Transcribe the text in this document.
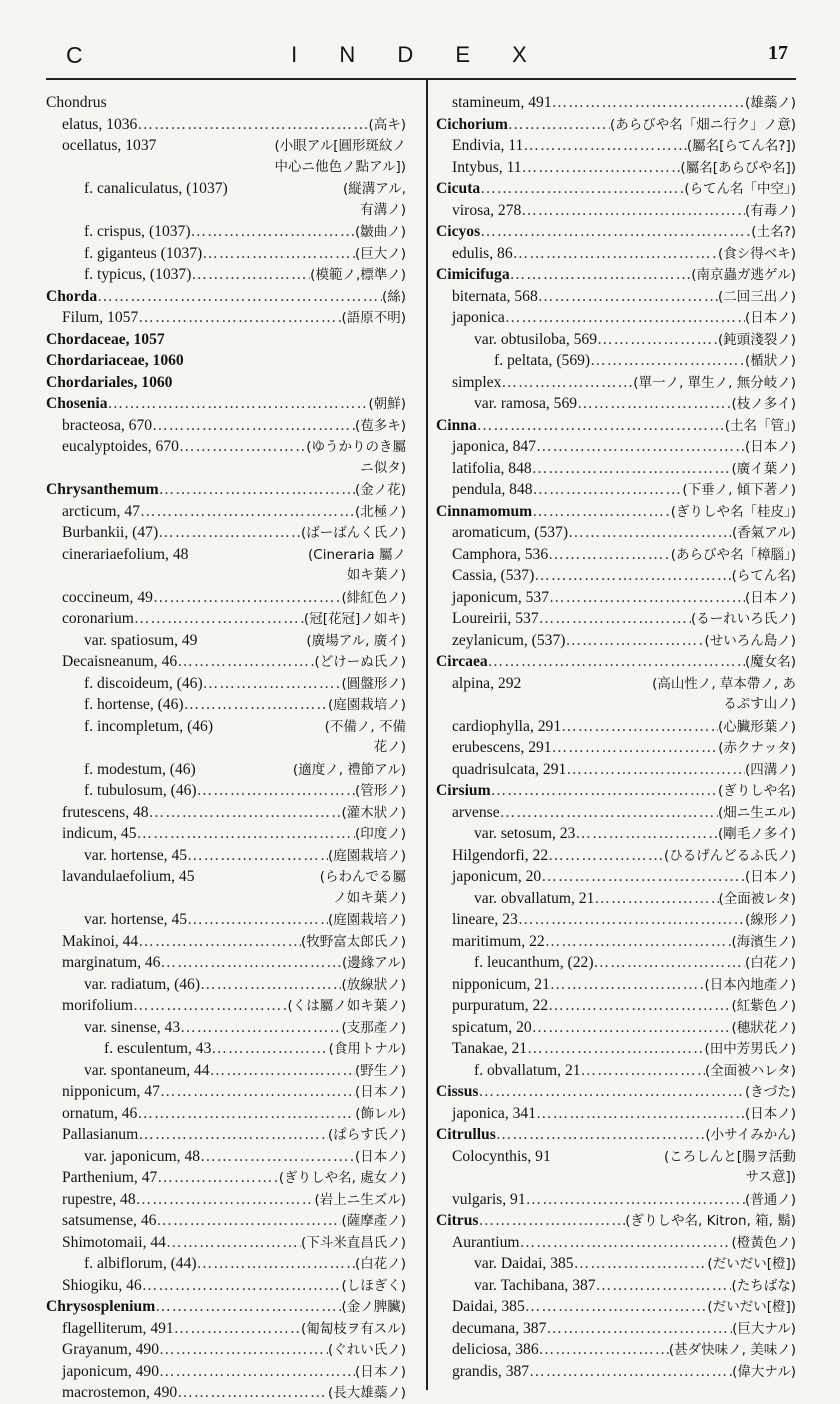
C	I N D E X	17
Chondrus
elatus, 1036 …………………………………………………………………………………………………………………………………	(高キ)
ocellatus, 1037	(小眼アル[圓形斑紋ノ
中心ニ他色ノ點アル])
f. canaliculatus, (1037)	(縦溝アル,
有溝ノ)
f. crispus, (1037) …………………………………………………………………………………………………………………………………	(皺曲ノ)
f. giganteus (1037) …………………………………………………………………………………………………………………………………	(巨大ノ)
f. typicus, (1037) …………………………………………………………………………………………………………………………………	(模範ノ,標準ノ)
Chorda …………………………………………………………………………………………………………………………………	(絲)
Filum, 1057 …………………………………………………………………………………………………………………………………	(語原不明)
Chordaceae, 1057
Chordariaceae, 1060
Chordariales, 1060
Chosenia …………………………………………………………………………………………………………………………………	(朝鮮)
bracteosa, 670 …………………………………………………………………………………………………………………………………	(苞多キ)
eucalyptoides, 670 …………………………………………………………………………………………………………………………………	(ゆうかりのき屬
ニ似タ)
Chrysanthemum …………………………………………………………………………………………………………………………………	(金ノ花)
arcticum, 47 …………………………………………………………………………………………………………………………………	(北極ノ)
Burbankii, (47) …………………………………………………………………………………………………………………………………	(ばーばんく氏ノ)
cinerariaefolium, 48	(Cineraria 屬ノ
如キ葉ノ)
coccineum, 49 …………………………………………………………………………………………………………………………………	(緋紅色ノ)
coronarium …………………………………………………………………………………………………………………………………	(冠[花冠]ノ如キ)
var. spatiosum, 49	(廣場アル, 廣イ)
Decaisneanum, 46 …………………………………………………………………………………………………………………………………	(どけーぬ氏ノ)
f. discoideum, (46) …………………………………………………………………………………………………………………………………	(圓盤形ノ)
f. hortense, (46) …………………………………………………………………………………………………………………………………	(庭園栽培ノ)
f. incompletum, (46)	(不備ノ, 不備
花ノ)
f. modestum, (46)	(適度ノ, 禮節アル)
f. tubulosum, (46) …………………………………………………………………………………………………………………………………	(管形ノ)
frutescens, 48 …………………………………………………………………………………………………………………………………	(灌木狀ノ)
indicum, 45 …………………………………………………………………………………………………………………………………	(印度ノ)
var. hortense, 45 …………………………………………………………………………………………………………………………………	(庭園栽培ノ)
lavandulaefolium, 45	(らわんでる屬
ノ如キ葉ノ)
var. hortense, 45 …………………………………………………………………………………………………………………………………	(庭園栽培ノ)
Makinoi, 44 …………………………………………………………………………………………………………………………………	(牧野富太郎氏ノ)
marginatum, 46 …………………………………………………………………………………………………………………………………	(邊緣アル)
var. radiatum, (46) …………………………………………………………………………………………………………………………………	(放線狀ノ)
morifolium …………………………………………………………………………………………………………………………………	(くは屬ノ如キ葉ノ)
var. sinense, 43 …………………………………………………………………………………………………………………………………	(支那產ノ)
f. esculentum, 43 …………………………………………………………………………………………………………………………………	(食用トナル)
var. spontaneum, 44 …………………………………………………………………………………………………………………………………	(野生ノ)
nipponicum, 47 …………………………………………………………………………………………………………………………………	(日本ノ)
ornatum, 46 …………………………………………………………………………………………………………………………………	(飾レル)
Pallasianum …………………………………………………………………………………………………………………………………	(ぱらす氏ノ)
var. japonicum, 48 …………………………………………………………………………………………………………………………………	(日本ノ)
Parthenium, 47 …………………………………………………………………………………………………………………………………	(ぎりしや名, 處女ノ)
rupestre, 48 …………………………………………………………………………………………………………………………………	(岩上ニ生ズル)
satsumense, 46 …………………………………………………………………………………………………………………………………	(薩摩產ノ)
Shimotomaii, 44 …………………………………………………………………………………………………………………………………	(下斗米直昌氏ノ)
f. albiflorum, (44) …………………………………………………………………………………………………………………………………	(白花ノ)
Shiogiku, 46 …………………………………………………………………………………………………………………………………	(しほぎく)
Chrysosplenium …………………………………………………………………………………………………………………………………	(金ノ脾臟)
flagelliterum, 491 …………………………………………………………………………………………………………………………………	(匍匐枝ヲ有スル)
Grayanum, 490 …………………………………………………………………………………………………………………………………	(ぐれい氏ノ)
japonicum, 490 …………………………………………………………………………………………………………………………………	(日本ノ)
macrostemon, 490 …………………………………………………………………………………………………………………………………	(長大雄蘂ノ)
stamineum, 491 …………………………………………………………………………………………………………………………………	(雄蘂ノ)
Cichorium …………………………………………………………………………………………………………………………………	(あらびや名「畑ニ行ク」ノ意)
Endivia, 11 …………………………………………………………………………………………………………………………………	(屬名[らてん名?])
Intybus, 11 …………………………………………………………………………………………………………………………………	(屬名[あらびや名])
Cicuta …………………………………………………………………………………………………………………………………	(らてん名「中空」)
virosa, 278 …………………………………………………………………………………………………………………………………	(有毒ノ)
Cicyos …………………………………………………………………………………………………………………………………	(土名?)
edulis, 86 …………………………………………………………………………………………………………………………………	(食シ得ベキ)
Cimicifuga …………………………………………………………………………………………………………………………………	(南京蟲ガ逃ゲル)
biternata, 568 …………………………………………………………………………………………………………………………………	(二回三出ノ)
japonica …………………………………………………………………………………………………………………………………	(日本ノ)
var. obtusiloba, 569 …………………………………………………………………………………………………………………………………	(鈍頭淺裂ノ)
f. peltata, (569) …………………………………………………………………………………………………………………………………	(楯狀ノ)
simplex …………………………………………………………………………………………………………………………………	(單一ノ, 單生ノ, 無分岐ノ)
var. ramosa, 569 …………………………………………………………………………………………………………………………………	(枝ノ多イ)
Cinna …………………………………………………………………………………………………………………………………	(土名「管」)
japonica, 847 …………………………………………………………………………………………………………………………………	(日本ノ)
latifolia, 848 …………………………………………………………………………………………………………………………………	(廣イ葉ノ)
pendula, 848 …………………………………………………………………………………………………………………………………	(下垂ノ, 傾下著ノ)
Cinnamomum …………………………………………………………………………………………………………………………………	(ぎりしや名「桂皮」)
aromaticum, (537) …………………………………………………………………………………………………………………………………	(香氣アル)
Camphora, 536 …………………………………………………………………………………………………………………………………	(あらびや名「樟腦」)
Cassia, (537) …………………………………………………………………………………………………………………………………	(らてん名)
japonicum, 537 …………………………………………………………………………………………………………………………………	(日本ノ)
Loureirii, 537 …………………………………………………………………………………………………………………………………	(るーれいろ氏ノ)
zeylanicum, (537) …………………………………………………………………………………………………………………………………	(せいろん島ノ)
Circaea …………………………………………………………………………………………………………………………………	(魔女名)
alpina, 292	(高山性ノ, 草本帶ノ, あ
るぷす山ノ)
cardiophylla, 291 …………………………………………………………………………………………………………………………………	(心臟形葉ノ)
erubescens, 291 …………………………………………………………………………………………………………………………………	(赤クナッタ)
quadrisulcata, 291 …………………………………………………………………………………………………………………………………	(四溝ノ)
Cirsium …………………………………………………………………………………………………………………………………	(ぎりしや名)
arvense …………………………………………………………………………………………………………………………………	(畑ニ生エル)
var. setosum, 23 …………………………………………………………………………………………………………………………………	(剛毛ノ多イ)
Hilgendorfi, 22 …………………………………………………………………………………………………………………………………	(ひるげんどるふ氏ノ)
japonicum, 20 …………………………………………………………………………………………………………………………………	(日本ノ)
var. obvallatum, 21 …………………………………………………………………………………………………………………………………	(全面被レタ)
lineare, 23 …………………………………………………………………………………………………………………………………	(線形ノ)
maritimum, 22 …………………………………………………………………………………………………………………………………	(海濱生ノ)
f. leucanthum, (22) …………………………………………………………………………………………………………………………………	(白花ノ)
nipponicum, 21 …………………………………………………………………………………………………………………………………	(日本內地產ノ)
purpuratum, 22 …………………………………………………………………………………………………………………………………	(紅紫色ノ)
spicatum, 20 …………………………………………………………………………………………………………………………………	(穗狀花ノ)
Tanakae, 21 …………………………………………………………………………………………………………………………………	(田中芳男氏ノ)
f. obvallatum, 21 …………………………………………………………………………………………………………………………………	(全面被ハレタ)
Cissus …………………………………………………………………………………………………………………………………	(きづた)
japonica, 341 …………………………………………………………………………………………………………………………………	(日本ノ)
Citrullus …………………………………………………………………………………………………………………………………	(小サイみかん)
Colocynthis, 91	(ころしんと[腸ヲ活動
サス意])
vulgaris, 91 …………………………………………………………………………………………………………………………………	(普通ノ)
Citrus …………………………………………………………………………………………………………………………………	(ぎりしや名, Kitron, 箱, 鬍)
Aurantium …………………………………………………………………………………………………………………………………	(橙黃色ノ)
var. Daidai, 385 …………………………………………………………………………………………………………………………………	(だいだい[橙])
var. Tachibana, 387 …………………………………………………………………………………………………………………………………	(たちばな)
Daidai, 385 …………………………………………………………………………………………………………………………………	(だいだい[橙])
decumana, 387 …………………………………………………………………………………………………………………………………	(巨大ナル)
deliciosa, 386 …………………………………………………………………………………………………………………………………	(甚ダ快味ノ, 美味ノ)
grandis, 387 …………………………………………………………………………………………………………………………………	(偉大ナル)
